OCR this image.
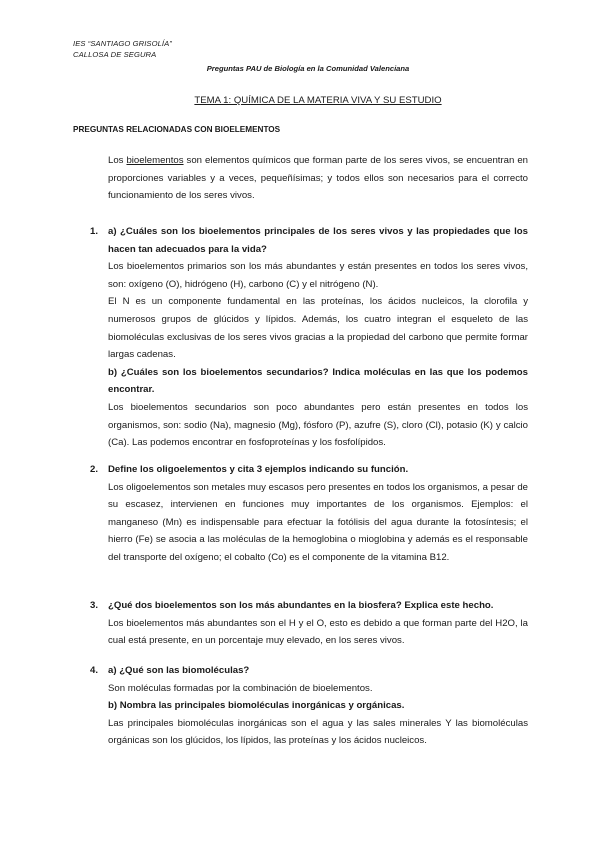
IES “SANTIAGO GRISOLÍA”
CALLOSA DE SEGURA
Preguntas PAU de Biología en la Comunidad Valenciana
TEMA 1: QUÍMICA DE LA MATERIA VIVA Y SU ESTUDIO
PREGUNTAS RELACIONADAS CON BIOELEMENTOS

Los bioelementos son elementos químicos que forman parte de los seres vivos, se encuentran en proporciones variables y a veces, pequeñísimas; y todos ellos son necesarios para el correcto funcionamiento de los seres vivos.

1. a) ¿Cuáles son los bioelementos principales de los seres vivos y las propiedades que los hacen tan adecuados para la vida?

Los bioelementos primarios son los más abundantes y están presentes en todos los seres vivos, son: oxígeno (O), hidrógeno (H), carbono (C) y el nitrógeno (N).

El N es un componente fundamental en las proteínas, los ácidos nucleicos, la clorofila y numerosos grupos de glúcidos y lípidos. Además, los cuatro integran el esqueleto de las biomoléculas exclusivas de los seres vivos gracias a la propiedad del carbono que permite formar largas cadenas.

b) ¿Cuáles son los bioelementos secundarios? Indica moléculas en las que los podemos encontrar.

Los bioelementos secundarios son poco abundantes pero están presentes en todos los organismos, son: sodio (Na), magnesio (Mg), fósforo (P), azufre (S), cloro (Cl), potasio (K) y calcio (Ca). Las podemos encontrar en fosfoproteínas y los fosfolípidos.

2. Define los oligoelementos y cita 3 ejemplos indicando su función.

Los oligoelementos son metales muy escasos pero presentes en todos los organismos, a pesar de su escasez, intervienen en funciones muy importantes de los organismos. Ejemplos: el manganeso (Mn) es indispensable para efectuar la fotólisis del agua durante la fotosíntesis; el hierro (Fe) se asocia a las moléculas de la hemoglobina o mioglobina y además es el responsable del transporte del oxígeno; el cobalto (Co) es el componente de la vitamina B12.

3. ¿Qué dos bioelementos son los más abundantes en la biosfera? Explica este hecho.

Los bioelementos más abundantes son el H y el O, esto es debido a que forman parte del H2O, la cual está presente, en un porcentaje muy elevado, en los seres vivos.

4. a) ¿Qué son las biomoléculas?

Son moléculas formadas por la combinación de bioelementos.

b) Nombra las principales biomoléculas inorgánicas y orgánicas.

Las principales biomoléculas inorgánicas son el agua y las sales minerales Y las biomoléculas orgánicas son los glúcidos, los lípidos, las proteínas y los ácidos nucleicos.
